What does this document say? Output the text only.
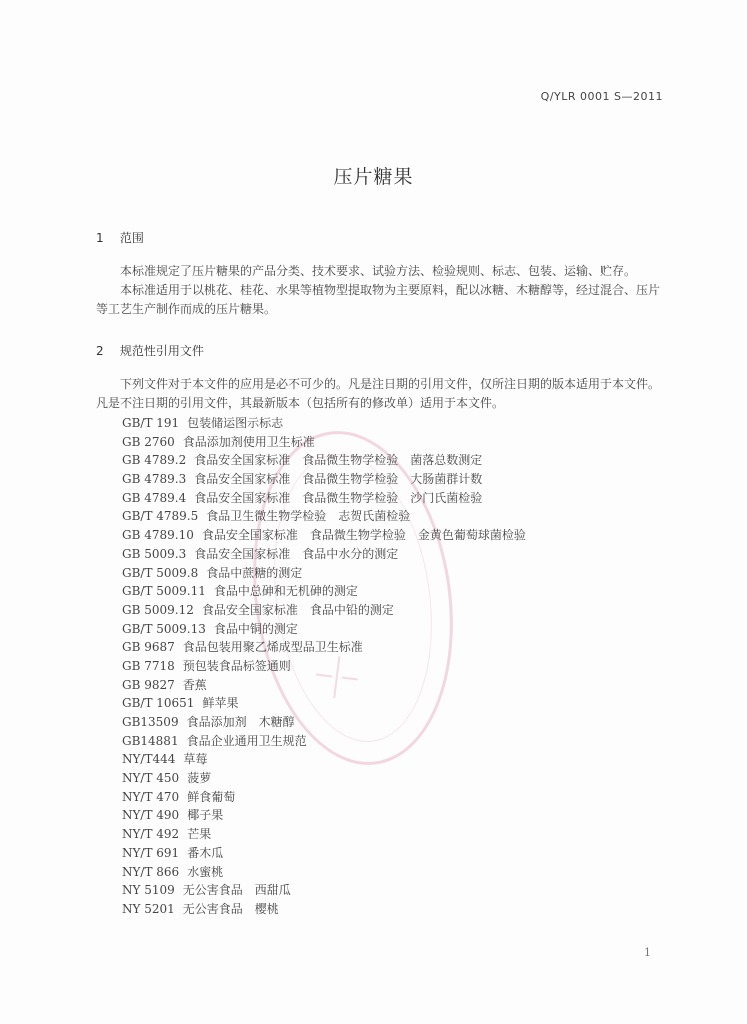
⤫
Q/YLR 0001 S—2011
压片糖果
1 范围

本标准规定了压片糖果的产品分类、技术要求、试验方法、检验规则、标志、包装、运输、贮存。

本标准适用于以桃花、桂花、水果等植物型提取物为主要原料，配以冰糖、木糖醇等，经过混合、压片等工艺生产制作而成的压片糖果。

2 规范性引用文件

下列文件对于本文件的应用是必不可少的。凡是注日期的引用文件，仅所注日期的版本适用于本文件。凡是不注日期的引用文件，其最新版本（包括所有的修改单）适用于本文件。

GB/T 191 包装储运图示标志
GB 2760 食品添加剂使用卫生标准
GB 4789.2 食品安全国家标准　食品微生物学检验　菌落总数测定
GB 4789.3 食品安全国家标准　食品微生物学检验　大肠菌群计数
GB 4789.4 食品安全国家标准　食品微生物学检验　沙门氏菌检验
GB/T 4789.5 食品卫生微生物学检验　志贺氏菌检验
GB 4789.10 食品安全国家标准　食品微生物学检验　金黄色葡萄球菌检验
GB 5009.3 食品安全国家标准　食品中水分的测定
GB/T 5009.8 食品中蔗糖的测定
GB/T 5009.11 食品中总砷和无机砷的测定
GB 5009.12 食品安全国家标准　食品中铅的测定
GB/T 5009.13 食品中铜的测定
GB 9687 食品包装用聚乙烯成型品卫生标准
GB 7718 预包装食品标签通则
GB 9827 香蕉
GB/T 10651 鲜苹果
GB13509 食品添加剂　木糖醇
GB14881 食品企业通用卫生规范
NY/T444 草莓
NY/T 450 菠萝
NY/T 470 鲜食葡萄
NY/T 490 椰子果
NY/T 492 芒果
NY/T 691 番木瓜
NY/T 866 水蜜桃
NY 5109 无公害食品　西甜瓜
NY 5201 无公害食品　樱桃
1
